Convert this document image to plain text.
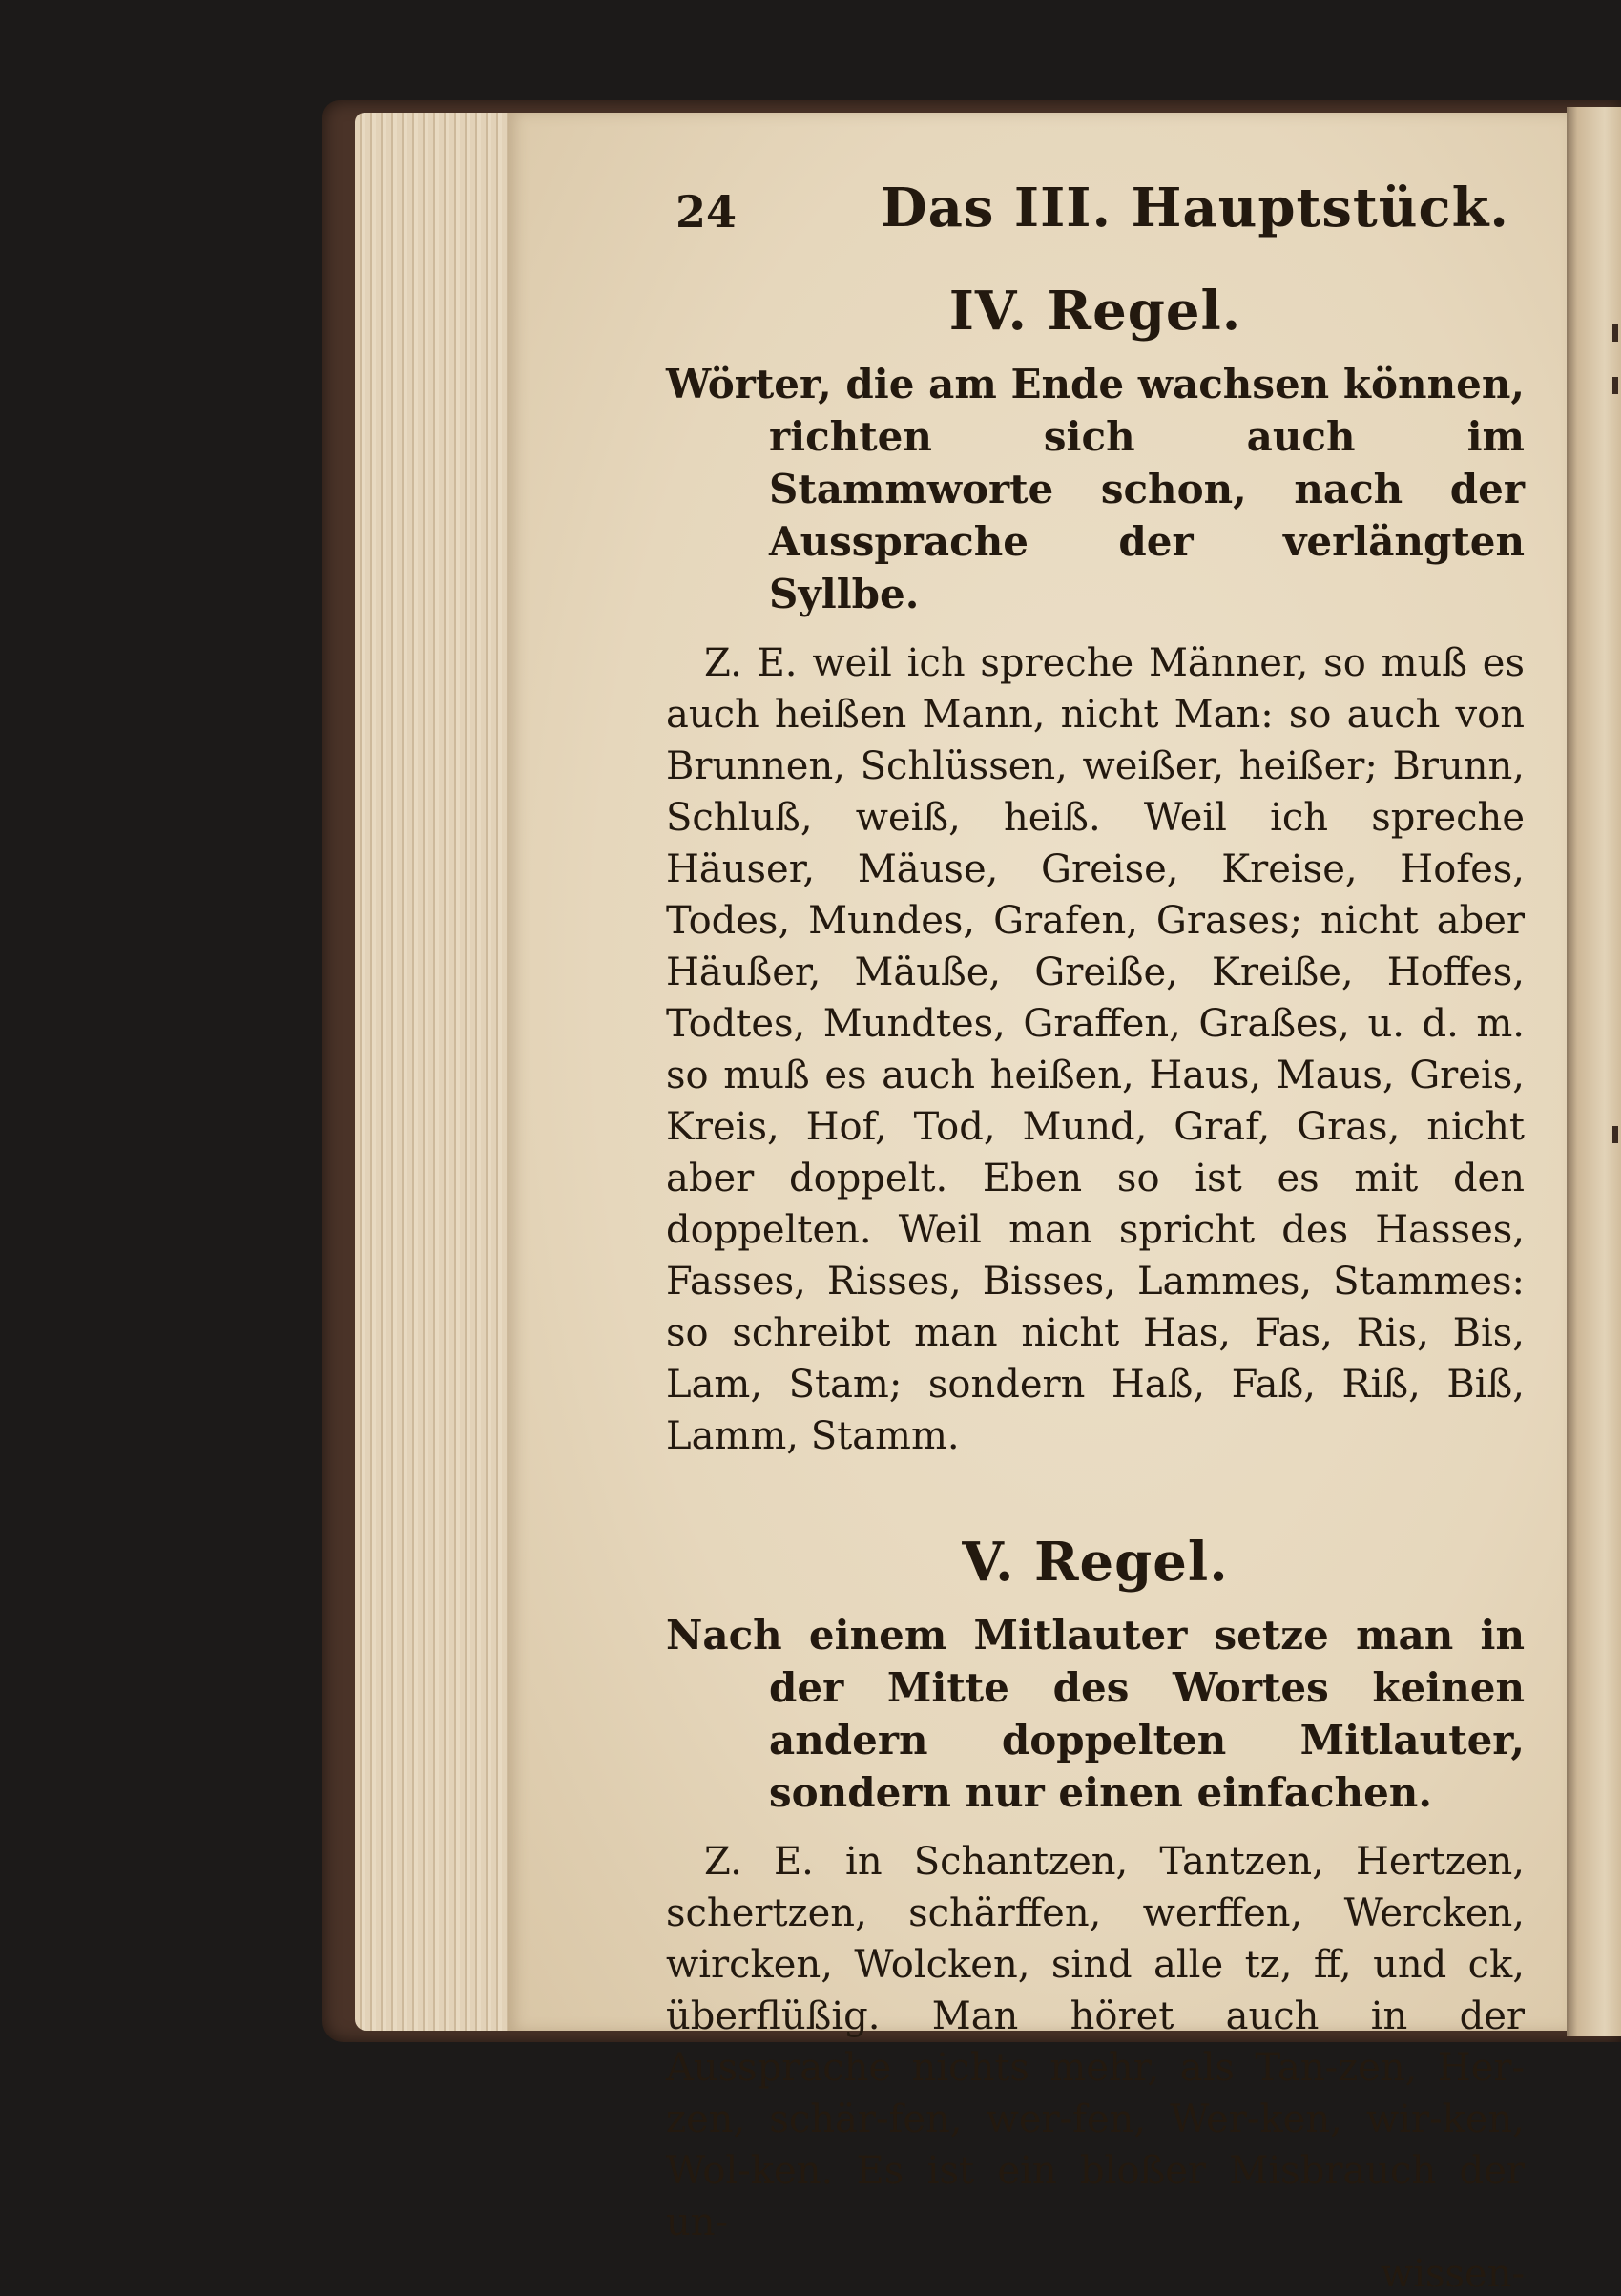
24	Das III. Hauptstück.
IV. Regel.
Wörter, die am Ende wachsen können, richten sich auch im Stammworte schon, nach der Aussprache der verlängten Syllbe.
Z. E. weil ich spreche Männer, so muß es auch heißen Mann, nicht Man: so auch von Brunnen, Schlüssen, weißer, heißer; Brunn, Schluß, weiß, heiß. Weil ich spreche Häuser, Mäuse, Greise, Kreise, Hofes, Todes, Mundes, Grafen, Grases; nicht aber Häußer, Mäuße, Greiße, Kreiße, Hoffes, Todtes, Mundtes, Graffen, Graßes, u. d. m. so muß es auch heißen, Haus, Maus, Greis, Kreis, Hof, Tod, Mund, Graf, Gras, nicht aber doppelt. Eben so ist es mit den doppelten. Weil man spricht des Hasses, Fasses, Risses, Bisses, Lammes, Stammes: so schreibt man nicht Has, Fas, Ris, Bis, Lam, Stam; sondern Haß, Faß, Riß, Biß, Lamm, Stamm.
V. Regel.
Nach einem Mitlauter setze man in der Mitte des Wortes keinen andern doppelten Mitlauter, sondern nur einen einfachen.
Z. E. in Schantzen, Tantzen, Hertzen, schertzen, schärffen, werffen, Wercken, wircken, Wolcken, sind alle tz, ff, und ck, überflüßig. Man höret auch in der Aussprache nichts mehr, als Tan-zen, Her-zen, schär-fen, wer-fen, Wer-ken, wir-ken, Wol-ken. Es ist ein bloßer Misbrauch der un-
wissen-
